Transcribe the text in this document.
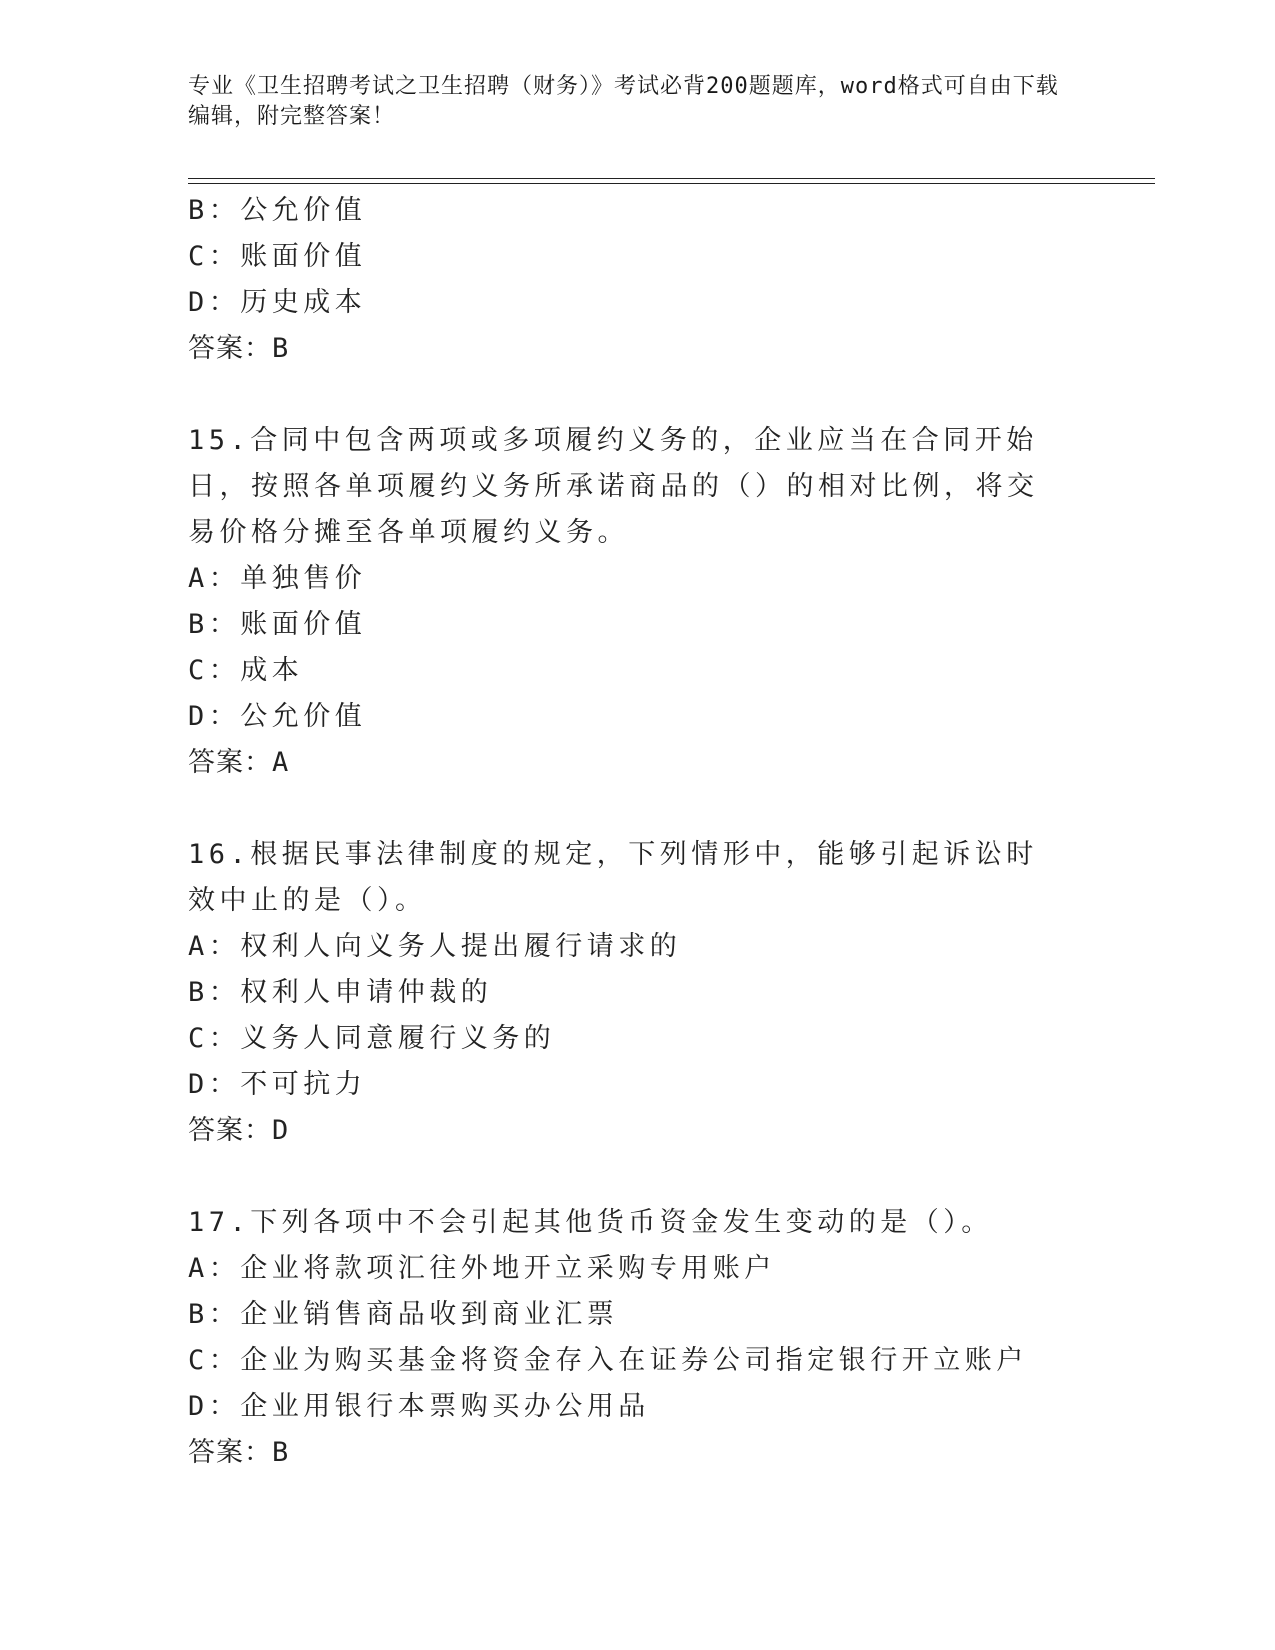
专业《卫生招聘考试之卫生招聘（财务）》考试必背200题题库，word格式可自由下载编辑，附完整答案！
B：公允价值
C：账面价值
D：历史成本
答案：B
15.合同中包含两项或多项履约义务的，企业应当在合同开始日，按照各单项履约义务所承诺商品的（）的相对比例，将交易价格分摊至各单项履约义务。
A：单独售价
B：账面价值
C：成本
D：公允价值
答案：A
16.根据民事法律制度的规定，下列情形中，能够引起诉讼时效中止的是（）。
A：权利人向义务人提出履行请求的
B：权利人申请仲裁的
C：义务人同意履行义务的
D：不可抗力
答案：D
17.下列各项中不会引起其他货币资金发生变动的是（）。
A：企业将款项汇往外地开立采购专用账户
B：企业销售商品收到商业汇票
C：企业为购买基金将资金存入在证券公司指定银行开立账户
D：企业用银行本票购买办公用品
答案：B
